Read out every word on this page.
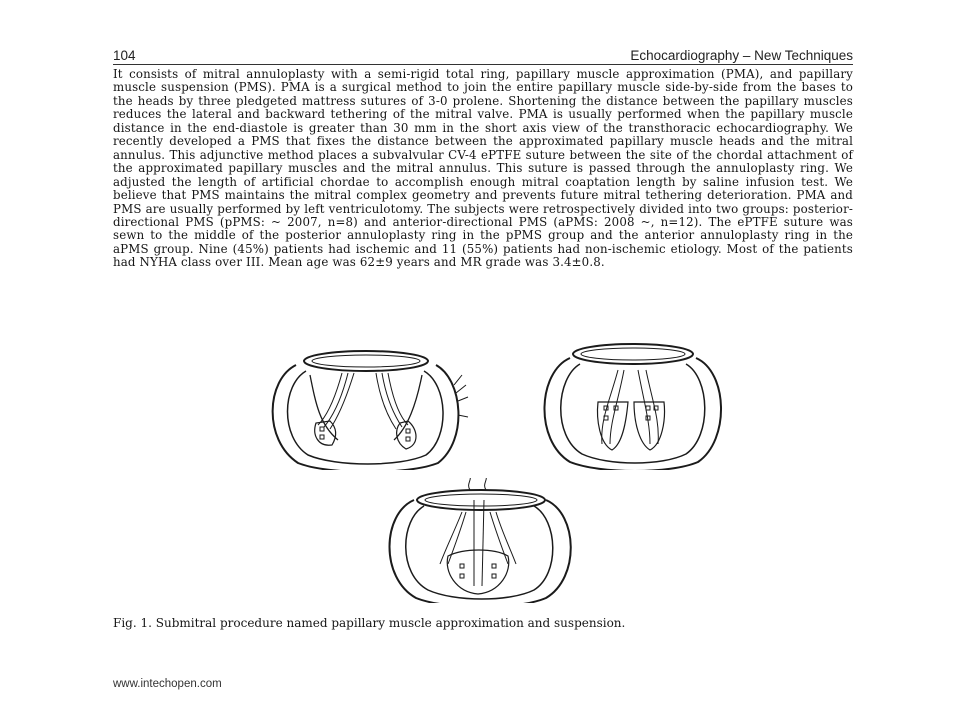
104	Echocardiography – New Techniques

It consists of mitral annuloplasty with a semi-rigid total ring, papillary muscle approximation (PMA), and papillary muscle suspension (PMS). PMA is a surgical method to join the entire papillary muscle side-by-side from the bases to the heads by three pledgeted mattress sutures of 3-0 prolene. Shortening the distance between the papillary muscles reduces the lateral and backward tethering of the mitral valve. PMA is usually performed when the papillary muscle distance in the end-diastole is greater than 30 mm in the short axis view of the transthoracic echocardiography. We recently developed a PMS that fixes the distance between the approximated papillary muscle heads and the mitral annulus. This adjunctive method places a subvalvular CV-4 ePTFE suture between the site of the chordal attachment of the approximated papillary muscles and the mitral annulus. This suture is passed through the annuloplasty ring. We adjusted the length of artificial chordae to accomplish enough mitral coaptation length by saline infusion test. We believe that PMS maintains the mitral complex geometry and prevents future mitral tethering deterioration. PMA and PMS are usually performed by left ventriculotomy. The subjects were retrospectively divided into two groups: posterior-directional PMS (pPMS: ~ 2007, n=8) and anterior-directional PMS (aPMS: 2008 ~, n=12). The ePTFE suture was sewn to the middle of the posterior annuloplasty ring in the pPMS group and the anterior annuloplasty ring in the aPMS group. Nine (45%) patients had ischemic and 11 (55%) patients had non-ischemic etiology. Most of the patients had NYHA class over III. Mean age was 62±9 years and MR grade was 3.4±0.8.

Fig. 1. Submitral procedure named papillary muscle approximation and suspension.

www.intechopen.com
